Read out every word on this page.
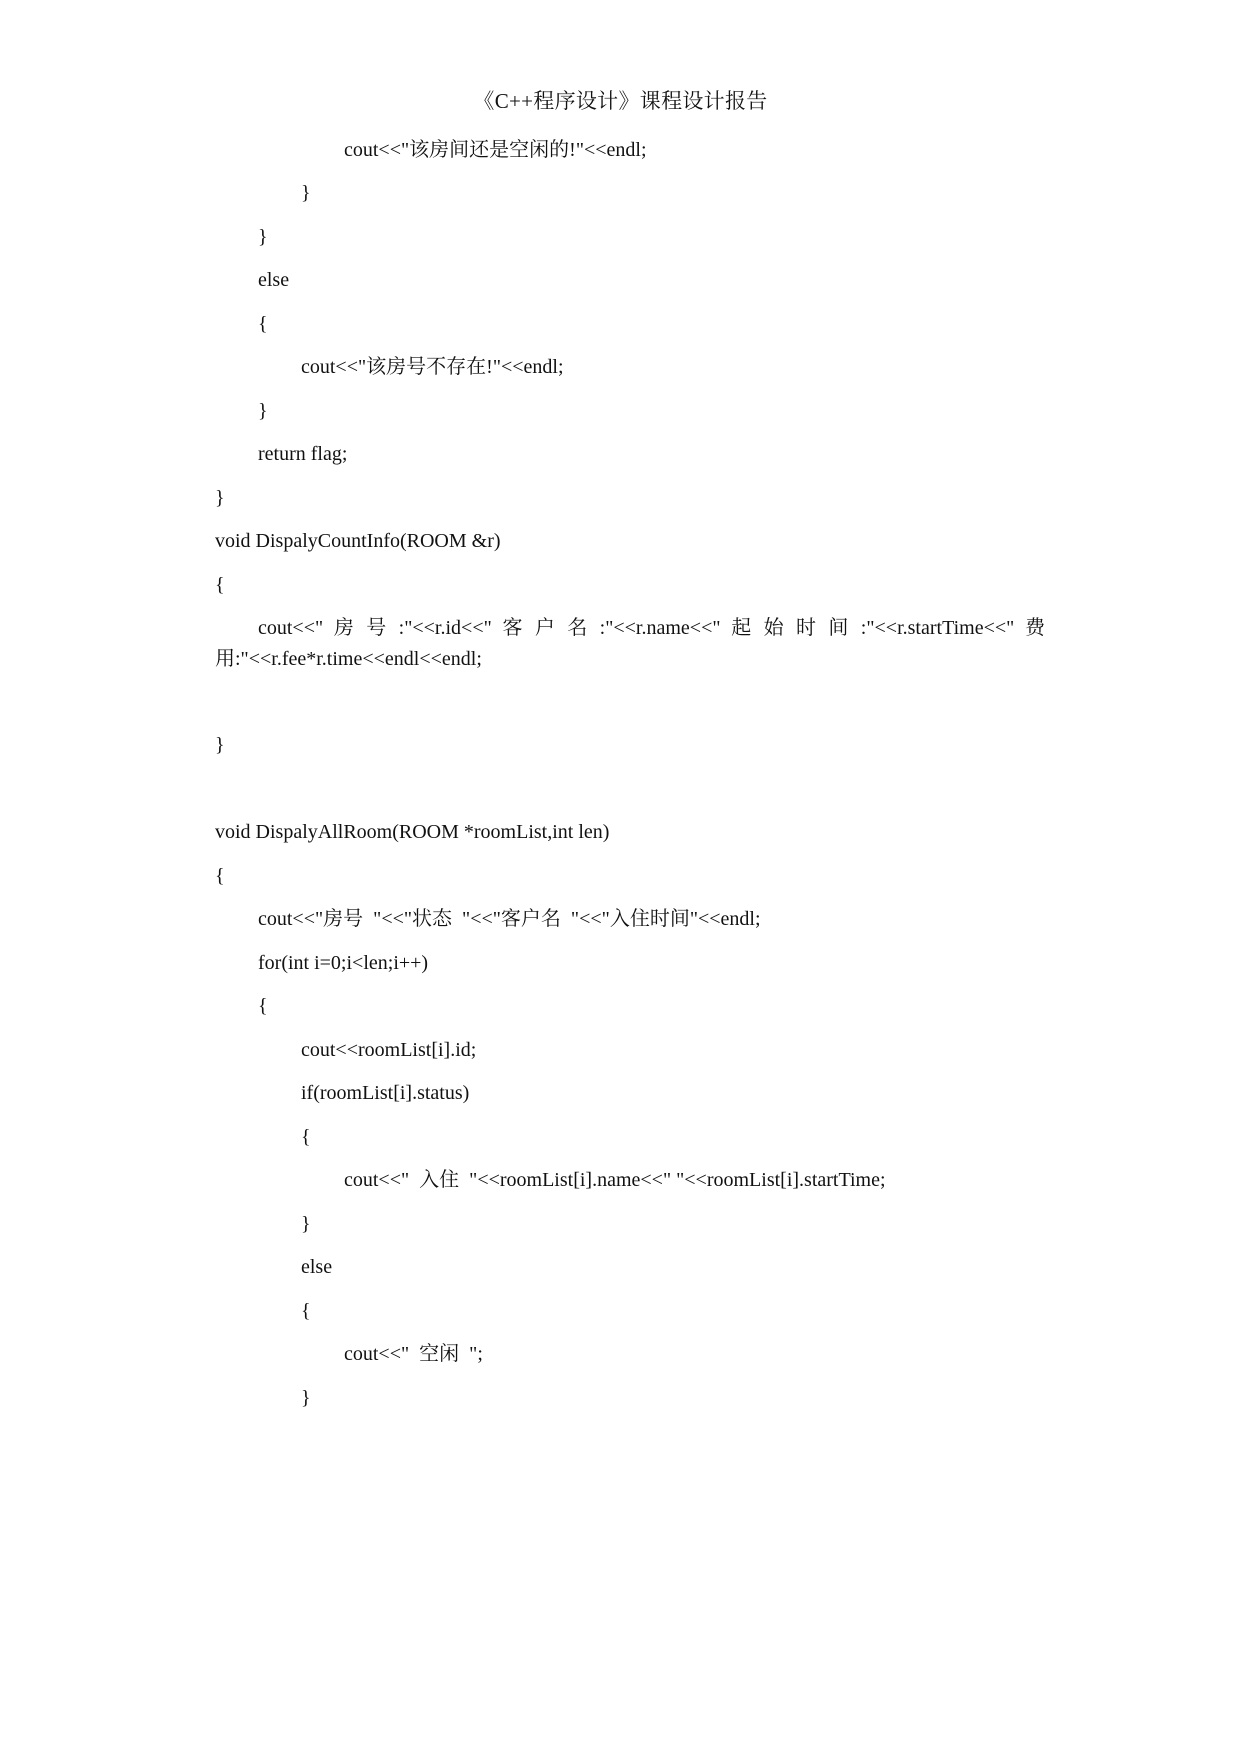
《C++程序设计》课程设计报告
cout<<"该房间还是空闲的!"<<endl;
}
}
else
{
cout<<"该房号不存在!"<<endl;
}
return flag;
}
void DispalyCountInfo(ROOM &r)
{
cout<<" 房 号 :"<<r.id<<" 客 户 名 :"<<r.name<<" 起 始 时 间 :"<<r.startTime<<" 费
用:"<<r.fee*r.time<<endl<<endl;
}
void DispalyAllRoom(ROOM *roomList,int len)
{
cout<<"房号  "<<"状态  "<<"客户名  "<<"入住时间"<<endl;
for(int i=0;i<len;i++)
{
cout<<roomList[i].id;
if(roomList[i].status)
{
cout<<"  入住  "<<roomList[i].name<<" "<<roomList[i].startTime;
}
else
{
cout<<"  空闲  ";
}
